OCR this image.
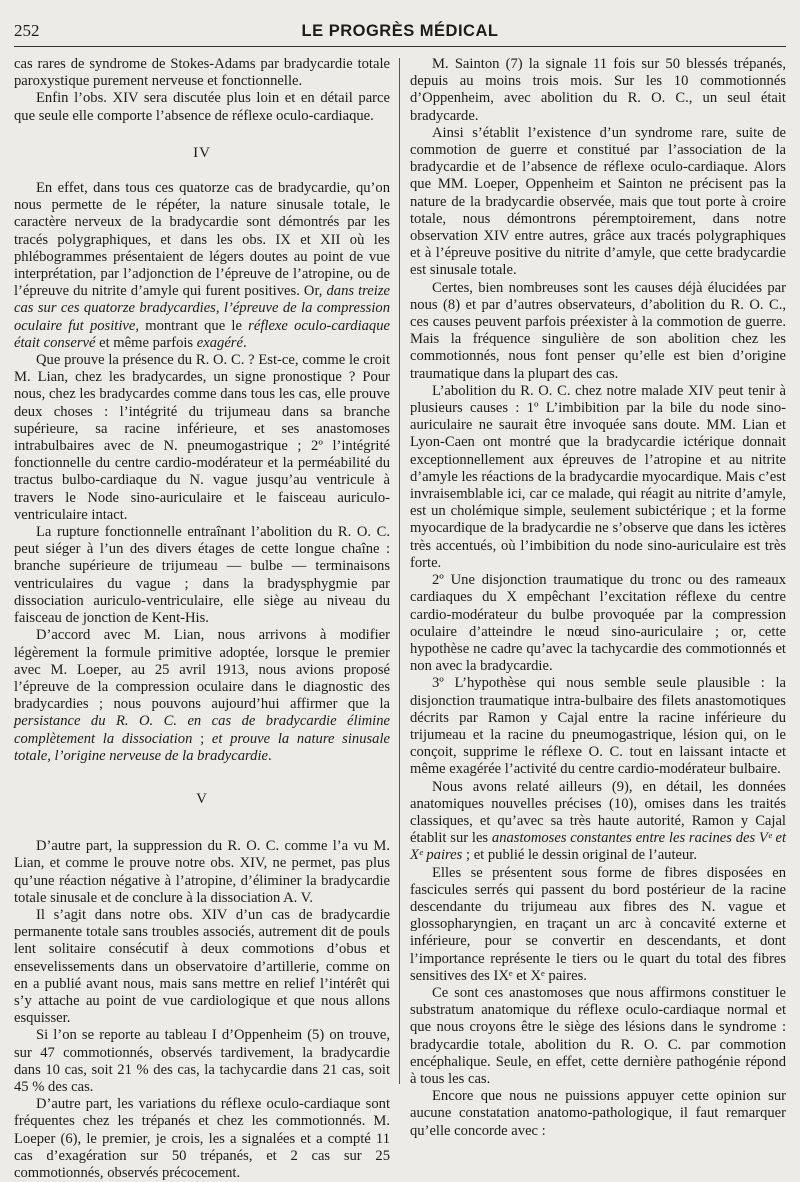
252	LE PROGRÈS MÉDICAL

cas rares de syndrome de Stokes-Adams par bradycardie totale paroxystique purement nerveuse et fonctionnelle.

Enfin l’obs. XIV sera discutée plus loin et en détail parce que seule elle comporte l’absence de réflexe oculo-cardiaque.

IV

En effet, dans tous ces quatorze cas de bradycardie, qu’on nous permette de le répéter, la nature sinusale totale, le caractère nerveux de la bradycardie sont démontrés par les tracés polygraphiques, et dans les obs. IX et XII où les phlébogrammes présentaient de légers doutes au point de vue interprétation, par l’adjonction de l’épreuve de l’atropine, ou de l’épreuve du nitrite d’amyle qui furent positives. Or, dans treize cas sur ces quatorze bradycardies, l’épreuve de la compression oculaire fut positive, montrant que le réflexe oculo-cardiaque était conservé et même parfois exagéré.

Que prouve la présence du R. O. C. ? Est-ce, comme le croit M. Lian, chez les bradycardes, un signe pronostique ? Pour nous, chez les bradycardes comme dans tous les cas, elle prouve deux choses : l’intégrité du trijumeau dans sa branche supérieure, sa racine inférieure, et ses anastomoses intrabulbaires avec de N. pneumogastrique ; 2º l’intégrité fonctionnelle du centre cardio-modérateur et la perméabilité du tractus bulbo-cardiaque du N. vague jusqu’au ventricule à travers le Node sino-auriculaire et le faisceau auriculo-ventriculaire intact.

La rupture fonctionnelle entraînant l’abolition du R. O. C. peut siéger à l’un des divers étages de cette longue chaîne : branche supérieure de trijumeau — bulbe — terminaisons ventriculaires du vague ; dans la bradysphygmie par dissociation auriculo-ventriculaire, elle siège au niveau du faisceau de jonction de Kent-His.

D’accord avec M. Lian, nous arrivons à modifier légèrement la formule primitive adoptée, lorsque le premier avec M. Loeper, au 25 avril 1913, nous avions proposé l’épreuve de la compression oculaire dans le diagnostic des bradycardies ; nous pouvons aujourd’hui affirmer que la persistance du R. O. C. en cas de bradycardie élimine complètement la dissociation ; et prouve la nature sinusale totale, l’origine nerveuse de la bradycardie.

V

D’autre part, la suppression du R. O. C. comme l’a vu M. Lian, et comme le prouve notre obs. XIV, ne permet, pas plus qu’une réaction négative à l’atropine, d’éliminer la bradycardie totale sinusale et de conclure à la dissociation A. V.

Il s’agit dans notre obs. XIV d’un cas de bradycardie permanente totale sans troubles associés, autrement dit de pouls lent solitaire consécutif à deux commotions d’obus et ensevelissements dans un observatoire d’artillerie, comme on en a publié avant nous, mais sans mettre en relief l’intérêt qui s’y attache au point de vue cardiologique et que nous allons esquisser.

Si l’on se reporte au tableau I d’Oppenheim (5) on trouve, sur 47 commotionnés, observés tardivement, la bradycardie dans 10 cas, soit 21 % des cas, la tachycardie dans 21 cas, soit 45 % des cas.

D’autre part, les variations du réflexe oculo-cardiaque sont fréquentes chez les trépanés et chez les commotionnés. M. Loeper (6), le premier, je crois, les a signalées et a compté 11 cas d’exagération sur 50 trépanés, et 2 cas sur 25 commotionnés, observés précocement.

M. Sainton (7) la signale 11 fois sur 50 blessés trépanés, depuis au moins trois mois. Sur les 10 commotionnés d’Oppenheim, avec abolition du R. O. C., un seul était bradycarde.

Ainsi s’établit l’existence d’un syndrome rare, suite de commotion de guerre et constitué par l’association de la bradycardie et de l’absence de réflexe oculo-cardiaque. Alors que MM. Loeper, Oppenheim et Sainton ne précisent pas la nature de la bradycardie observée, mais que tout porte à croire totale, nous démontrons péremptoirement, dans notre observation XIV entre autres, grâce aux tracés polygraphiques et à l’épreuve positive du nitrite d’amyle, que cette bradycardie est sinusale totale.

Certes, bien nombreuses sont les causes déjà élucidées par nous (8) et par d’autres observateurs, d’abolition du R. O. C., ces causes peuvent parfois préexister à la commotion de guerre. Mais la fréquence singulière de son abolition chez les commotionnés, nous font penser qu’elle est bien d’origine traumatique dans la plupart des cas.

L’abolition du R. O. C. chez notre malade XIV peut tenir à plusieurs causes : 1º L’imbibition par la bile du node sino-auriculaire ne saurait être invoquée sans doute. MM. Lian et Lyon-Caen ont montré que la bradycardie ictérique donnait exceptionnellement aux épreuves de l’atropine et au nitrite d’amyle les réactions de la bradycardie myocardique. Mais c’est invraisemblable ici, car ce malade, qui réagit au nitrite d’amyle, est un cholémique simple, seulement subictérique ; et la forme myocardique de la bradycardie ne s’observe que dans les ictères très accentués, où l’imbibition du node sino-auriculaire est très forte.

2º Une disjonction traumatique du tronc ou des rameaux cardiaques du X empêchant l’excitation réflexe du centre cardio-modérateur du bulbe provoquée par la compression oculaire d’atteindre le nœud sino-auriculaire ; or, cette hypothèse ne cadre qu’avec la tachycardie des commotionnés et non avec la bradycardie.

3º L’hypothèse qui nous semble seule plausible : la disjonction traumatique intra-bulbaire des filets anastomotiques décrits par Ramon y Cajal entre la racine inférieure du trijumeau et la racine du pneumogastrique, lésion qui, on le conçoit, supprime le réflexe O. C. tout en laissant intacte et même exagérée l’activité du centre cardio-modérateur bulbaire.

Nous avons relaté ailleurs (9), en détail, les données anatomiques nouvelles précises (10), omises dans les traités classiques, et qu’avec sa très haute autorité, Ramon y Cajal établit sur les anastomoses constantes entre les racines des Vᵉ et Xᵉ paires ; et publié le dessin original de l’auteur.

Elles se présentent sous forme de fibres disposées en fascicules serrés qui passent du bord postérieur de la racine descendante du trijumeau aux fibres des N. vague et glossopharyngien, en traçant un arc à concavité externe et inférieure, pour se convertir en descendants, et dont l’importance représente le tiers ou le quart du total des fibres sensitives des IXᵉ et Xᵉ paires.

Ce sont ces anastomoses que nous affirmons constituer le substratum anatomique du réflexe oculo-cardiaque normal et que nous croyons être le siège des lésions dans le syndrome : bradycardie totale, abolition du R. O. C. par commotion encéphalique. Seule, en effet, cette dernière pathogénie répond à tous les cas.

Encore que nous ne puissions appuyer cette opinion sur aucune constatation anatomo-pathologique, il faut remarquer qu’elle concorde avec :
